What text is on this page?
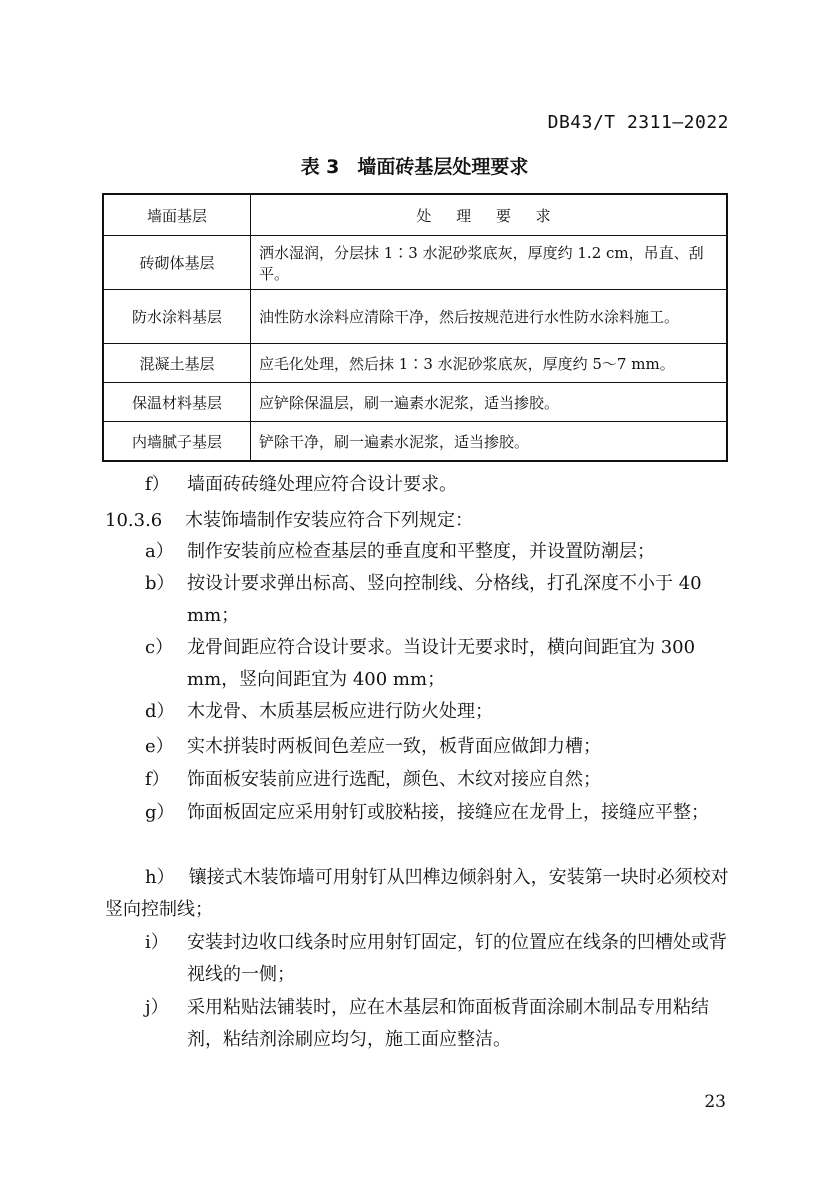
DB43/T 2311—2022
表 3 墙面砖基层处理要求
墙面基层	处 理 要 求
砖砌体基层	洒水湿润，分层抹 1∶3 水泥砂浆底灰，厚度约 1.2 cm，吊直、刮平。
防水涂料基层	油性防水涂料应清除干净，然后按规范进行水性防水涂料施工。
混凝土基层	应毛化处理，然后抹 1∶3 水泥砂浆底灰，厚度约 5～7 mm。
保温材料基层	应铲除保温层，刷一遍素水泥浆，适当掺胶。
内墙腻子基层	铲除干净，刷一遍素水泥浆，适当掺胶。
f） 墙面砖砖缝处理应符合设计要求。
10.3.6 木装饰墙制作安装应符合下列规定：
a） 制作安装前应检查基层的垂直度和平整度，并设置防潮层；
b） 按设计要求弹出标高、竖向控制线、分格线，打孔深度不小于 40 mm；
c） 龙骨间距应符合设计要求。当设计无要求时，横向间距宜为 300 mm，竖向间距宜为 400 mm；
d） 木龙骨、木质基层板应进行防火处理；
e） 实木拼装时两板间色差应一致，板背面应做卸力槽；
f） 饰面板安装前应进行选配，颜色、木纹对接应自然；
g） 饰面板固定应采用射钉或胶粘接，接缝应在龙骨上，接缝应平整；
h） 镶接式木装饰墙可用射钉从凹榫边倾斜射入，安装第一块时必须校对竖向控制线；
i）	安装封边收口线条时应用射钉固定，钉的位置应在线条的凹槽处或背视线的一侧；
j）	采用粘贴法铺装时，应在木基层和饰面板背面涂刷木制品专用粘结剂，粘结剂涂刷应均匀，施工面应整洁。
23
